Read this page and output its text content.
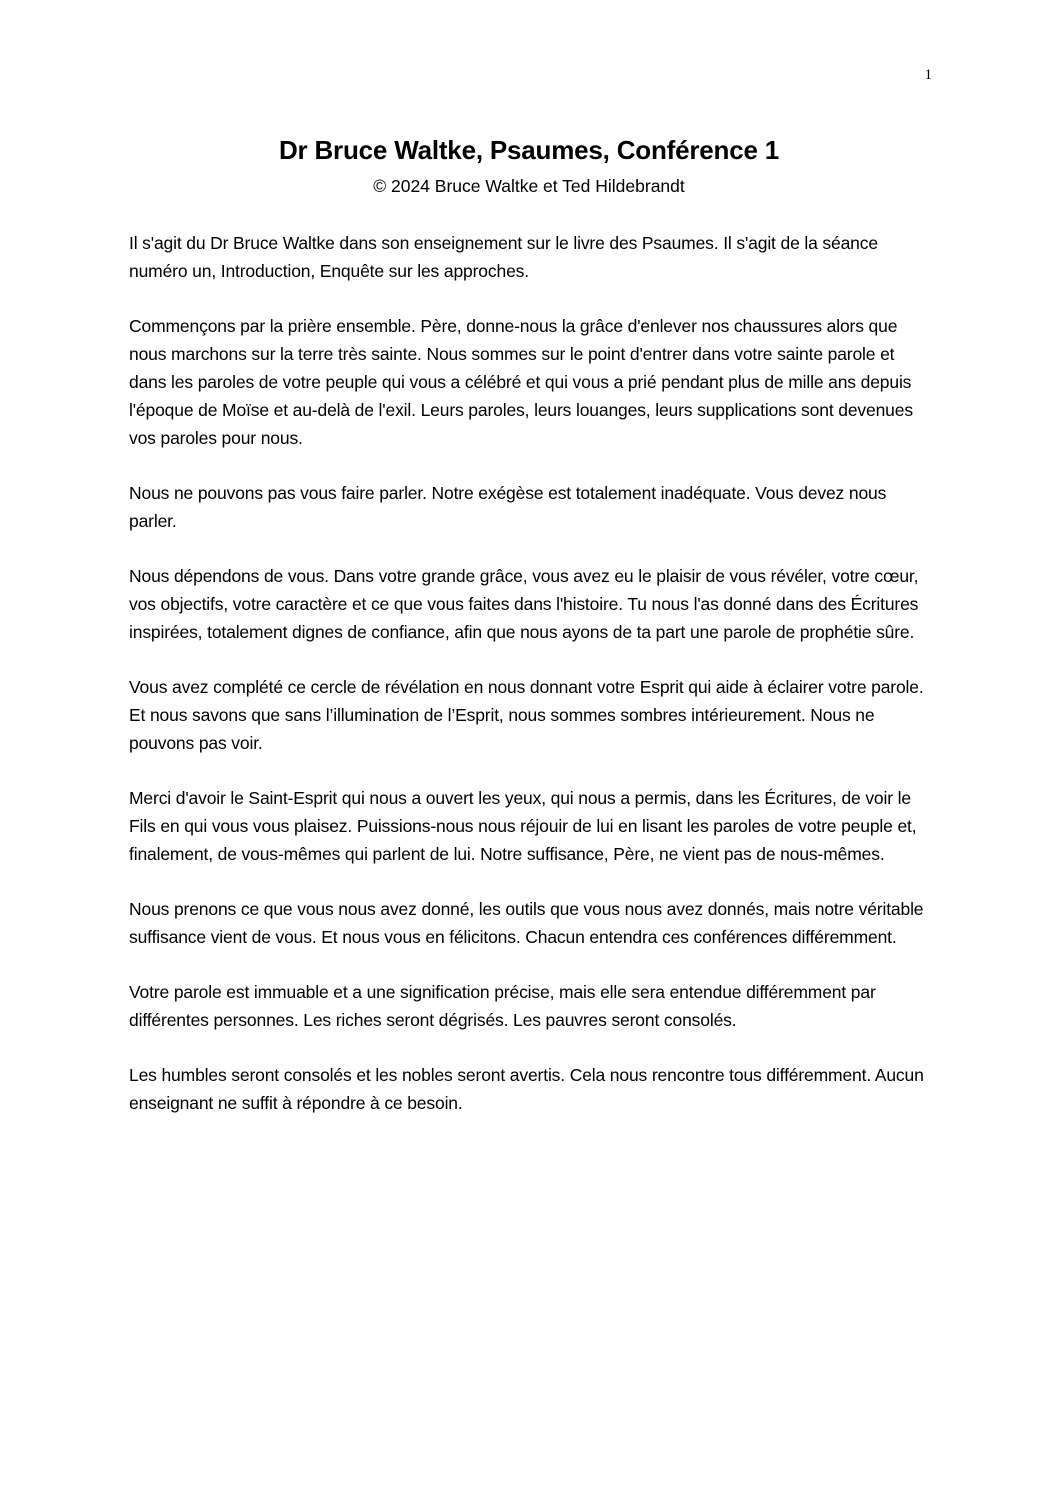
1
Dr Bruce Waltke, Psaumes, Conférence 1
© 2024 Bruce Waltke et Ted Hildebrandt

Il s'agit du Dr Bruce Waltke dans son enseignement sur le livre des Psaumes. Il s'agit de la séance numéro un, Introduction, Enquête sur les approches.

Commençons par la prière ensemble. Père, donne-nous la grâce d'enlever nos chaussures alors que nous marchons sur la terre très sainte. Nous sommes sur le point d'entrer dans votre sainte parole et dans les paroles de votre peuple qui vous a célébré et qui vous a prié pendant plus de mille ans depuis l'époque de Moïse et au-delà de l'exil. Leurs paroles, leurs louanges, leurs supplications sont devenues vos paroles pour nous.

Nous ne pouvons pas vous faire parler. Notre exégèse est totalement inadéquate. Vous devez nous parler.

Nous dépendons de vous. Dans votre grande grâce, vous avez eu le plaisir de vous révéler, votre cœur, vos objectifs, votre caractère et ce que vous faites dans l'histoire. Tu nous l'as donné dans des Écritures inspirées, totalement dignes de confiance, afin que nous ayons de ta part une parole de prophétie sûre.

Vous avez complété ce cercle de révélation en nous donnant votre Esprit qui aide à éclairer votre parole. Et nous savons que sans l’illumination de l’Esprit, nous sommes sombres intérieurement. Nous ne pouvons pas voir.

Merci d'avoir le Saint-Esprit qui nous a ouvert les yeux, qui nous a permis, dans les Écritures, de voir le Fils en qui vous vous plaisez. Puissions-nous nous réjouir de lui en lisant les paroles de votre peuple et, finalement, de vous-mêmes qui parlent de lui. Notre suffisance, Père, ne vient pas de nous-mêmes.

Nous prenons ce que vous nous avez donné, les outils que vous nous avez donnés, mais notre véritable suffisance vient de vous. Et nous vous en félicitons. Chacun entendra ces conférences différemment.

Votre parole est immuable et a une signification précise, mais elle sera entendue différemment par différentes personnes. Les riches seront dégrisés. Les pauvres seront consolés.

Les humbles seront consolés et les nobles seront avertis. Cela nous rencontre tous différemment. Aucun enseignant ne suffit à répondre à ce besoin.
